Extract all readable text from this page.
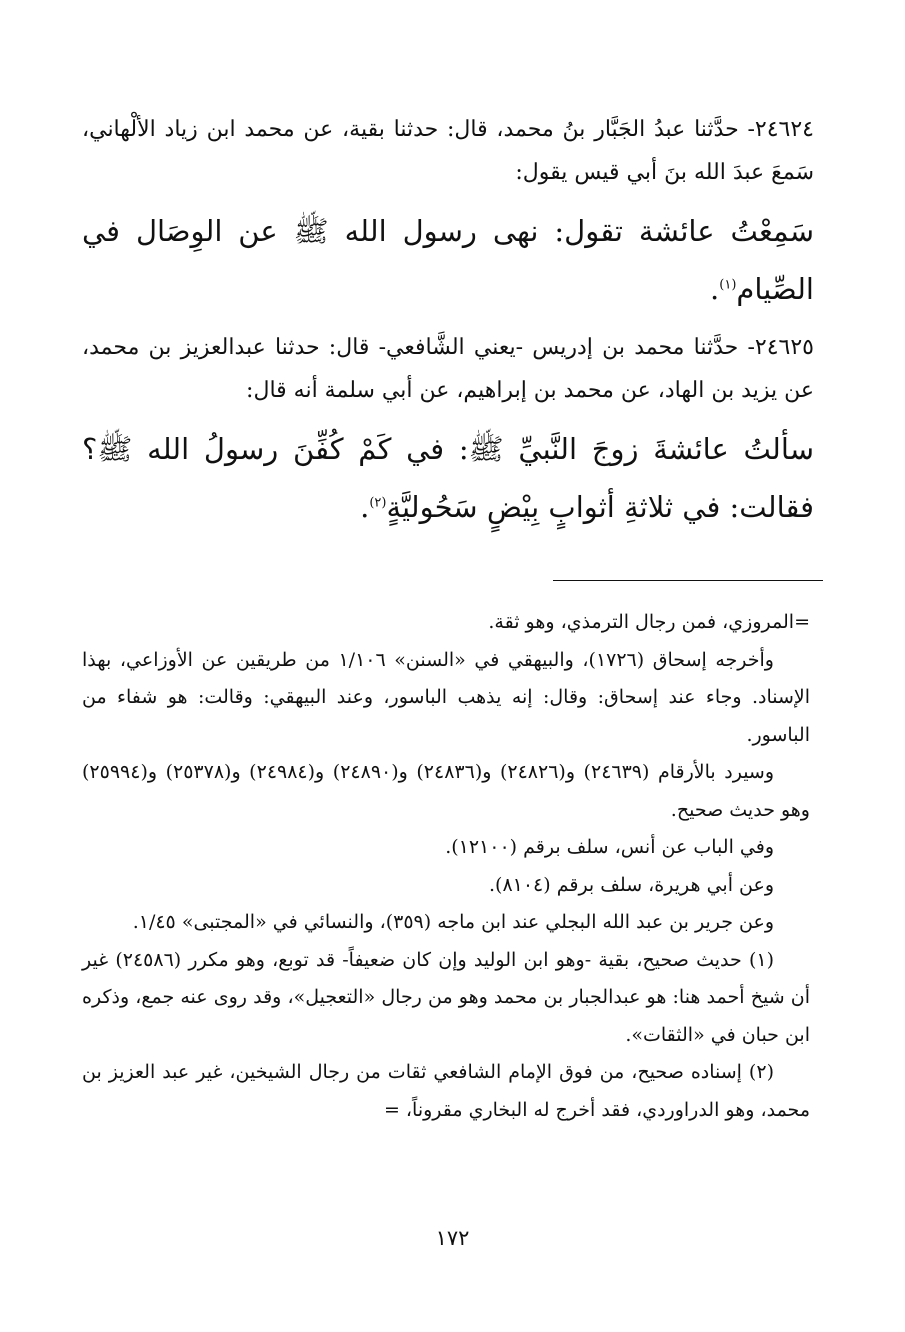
٢٤٦٢٤- حدَّثنا عبدُ الجَبَّار بنُ محمد، قال: حدثنا بقية، عن محمد ابن زياد الألْهاني، سَمعَ عبدَ الله بنَ أبي قيس يقول:

سَمِعْتُ عائشة تقول: نهى رسول الله ﷺ عن الوِصَال في الصِّيام$^{(١)}$.

٢٤٦٢٥- حدَّثنا محمد بن إدريس -يعني الشَّافعي- قال: حدثنا عبدالعزيز بن محمد، عن يزيد بن الهاد، عن محمد بن إبراهيم، عن أبي سلمة أنه قال:

سألتُ عائشةَ زوجَ النَّبيِّ ﷺ: في كَمْ كُفِّنَ رسولُ الله ﷺ؟ فقالت: في ثلاثةِ أثوابٍ بِيْضٍ سَحُوليَّةٍ$^{(٢)}$.

=المروزي، فمن رجال الترمذي، وهو ثقة.

وأخرجه إسحاق (١٧٢٦)، والبيهقي في «السنن» ١/١٠٦ من طريقين عن الأوزاعي، بهذا الإسناد. وجاء عند إسحاق: وقال: إنه يذهب الباسور، وعند البيهقي: وقالت: هو شفاء من الباسور.

وسيرد بالأرقام (٢٤٦٣٩) و(٢٤٨٢٦) و(٢٤٨٣٦) و(٢٤٨٩٠) و(٢٤٩٨٤) و(٢٥٣٧٨) و(٢٥٩٩٤) وهو حديث صحيح.

وفي الباب عن أنس، سلف برقم (١٢١٠٠).

وعن أبي هريرة، سلف برقم (٨١٠٤).

وعن جرير بن عبد الله البجلي عند ابن ماجه (٣٥٩)، والنسائي في «المجتبى» ١/٤٥.

(١) حديث صحيح، بقية -وهو ابن الوليد وإن كان ضعيفاً- قد توبع، وهو مكرر (٢٤٥٨٦) غير أن شيخ أحمد هنا: هو عبدالجبار بن محمد وهو من رجال «التعجيل»، وقد روى عنه جمع، وذكره ابن حبان في «الثقات».

(٢) إسناده صحيح، من فوق الإمام الشافعي ثقات من رجال الشيخين، غير عبد العزيز بن محمد، وهو الدراوردي، فقد أخرج له البخاري مقروناً، =

١٧٢
